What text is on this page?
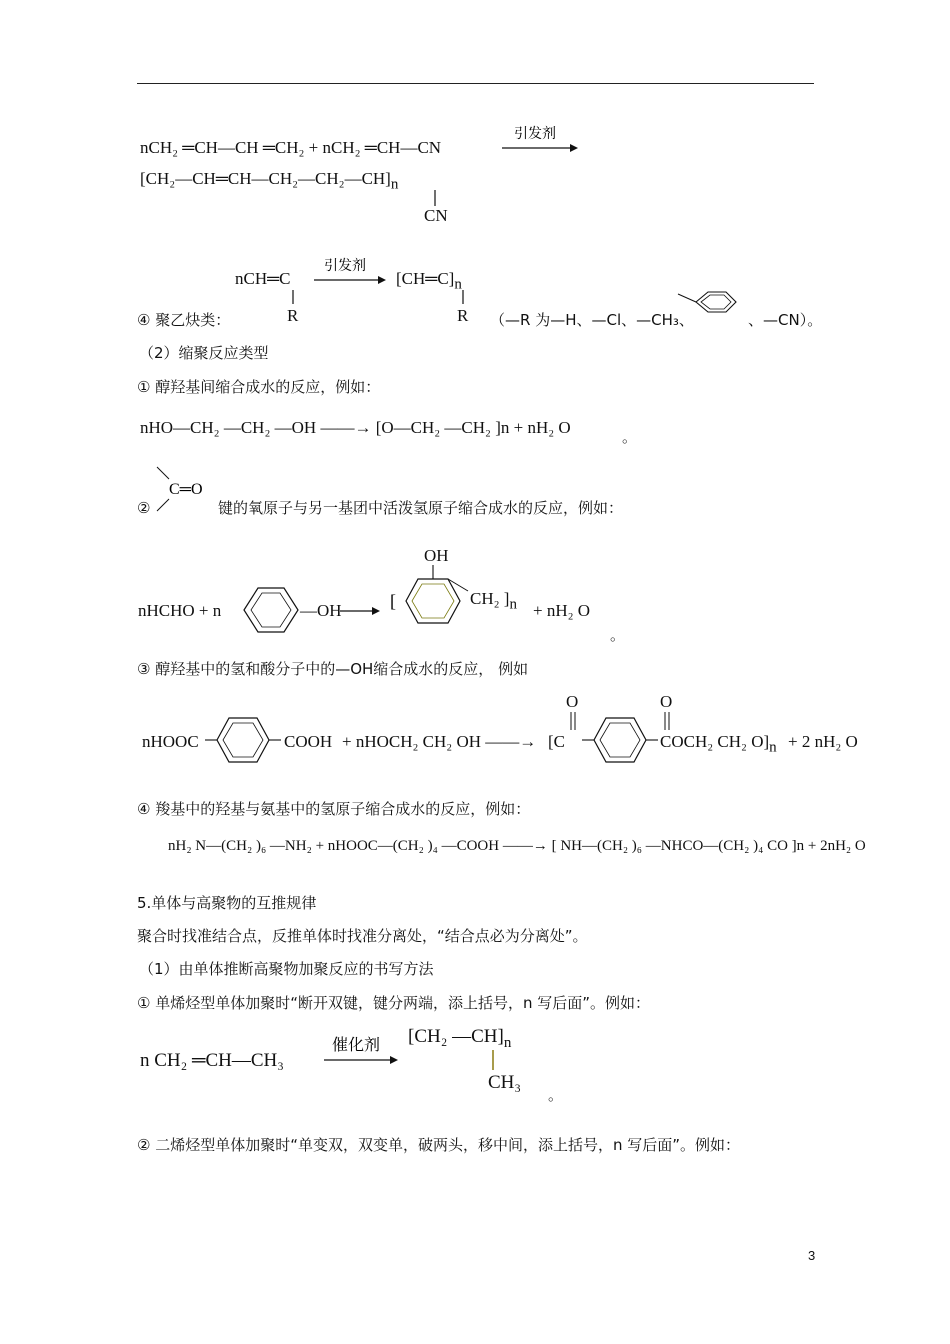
nCH₂ ═CH—CH ═CH₂ + nCH₂ ═CH—CN
引发剂
$[CH_2—CH═CH—CH_2—CH_2—CH]_n$
CN
nCH═C
引发剂
$[CH═C]_n$
R	R
④ 聚乙炔类：	（—R 为—H、—Cl、—CH₃、	、—CN）。
（2）缩聚反应类型
① 醇羟基间缩合成水的反应，例如：
nHO—CH₂ —CH₂ —OH ——→ [O—CH₂ —CH₂ ]n + nH₂ O	。
C═O
②	键的氧原子与另一基团中活泼氢原子缩合成水的反应，例如：
nHCHO + n	—OH
OH
[	CH₂ ]$_n + nH_2$ O
。
③ 醇羟基中的氢和酸分子中的—OH缩合成水的反应， 例如
nHOOC	COOH + nHOCH₂ CH₂ OH ——→
O
[C
O
COCH₂ CH₂ $O]_n + 2$ nH₂ O
④ 羧基中的羟基与氨基中的氢原子缩合成水的反应，例如：
nH₂ N—(CH₂ )₆ —NH₂ + nHOOC—(CH₂ )₄ —COOH ——→ [ NH—(CH₂ )₆ —NHCO—(CH₂ )₄ CO ]n + 2nH₂ O
5.单体与高聚物的互推规律
聚合时找准结合点，反推单体时找准分离处，“结合点必为分离处”。
（1）由单体推断高聚物加聚反应的书写方法
① 单烯烃型单体加聚时“断开双键，键分两端，添上括号，n 写后面”。例如：
n CH₂ ═CH—CH₃
催化剂 [CH₂ $—CH]_n$
CH₃
。
② 二烯烃型单体加聚时“单变双，双变单，破两头，移中间，添上括号，n 写后面”。例如：
3
